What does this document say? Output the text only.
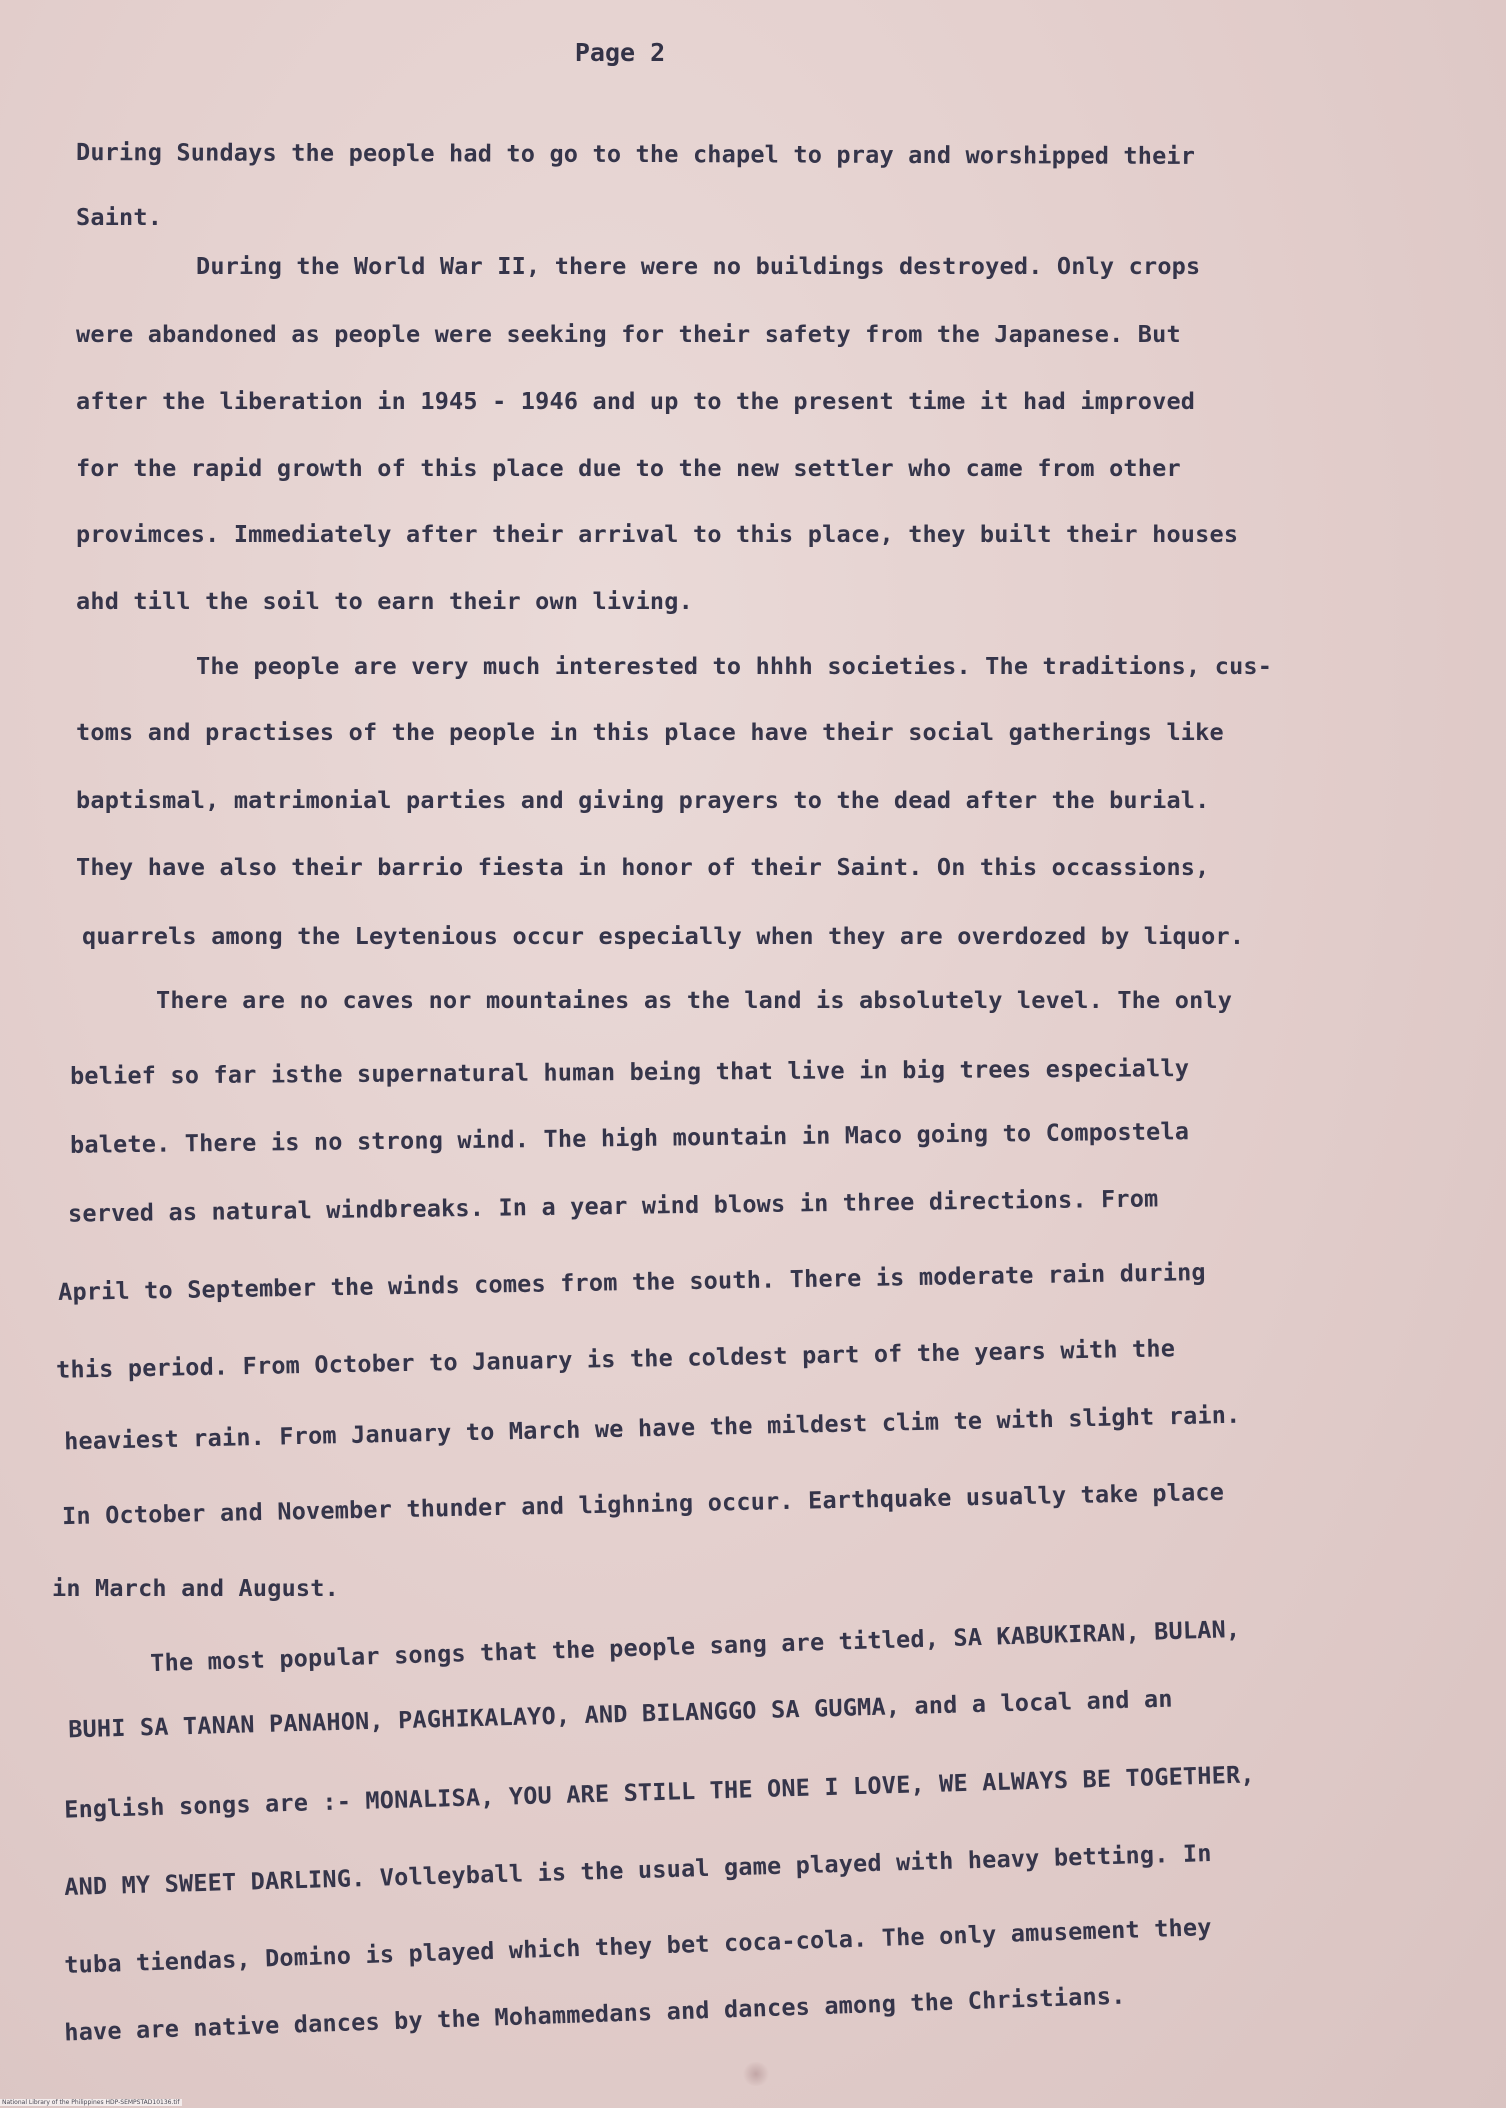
Page 2
During Sundays the people had to go to the chapel to pray and worshipped their
Saint.
During the World War II, there were no buildings destroyed. Only crops
were abandoned as people were seeking for their safety from the Japanese. But
after the liberation in 1945 - 1946 and up to the present time it had improved
for the rapid growth of this place due to the new settler who came from other
provimces. Immediately after their arrival to this place, they built their houses
ahd till the soil to earn their own living.
The people are very much interested to hhhh societies. The traditions, cus-
toms and practises of the people in this place have their social gatherings like
baptismal, matrimonial parties and giving prayers to the dead after the burial.
They have also their barrio fiesta in honor of their Saint. On this occassions,
quarrels among the Leytenious occur especially when they are overdozed by liquor.
There are no caves nor mountaines as the land is absolutely level. The only
belief so far isthe supernatural human being that live in big trees especially
balete. There is no strong wind. The high mountain in Maco going to Compostela
served as natural windbreaks. In a year wind blows in three directions. From
April to September the winds comes from the south. There is moderate rain during
this period. From October to January is the coldest part of the years with the
heaviest rain. From January to March we have the mildest clim te with slight rain.
In October and November thunder and lighning occur. Earthquake usually take place
in March and August.
The most popular songs that the people sang are titled, SA KABUKIRAN, BULAN,
BUHI SA TANAN PANAHON, PAGHIKALAYO, AND BILANGGO SA GUGMA, and a local and an
English songs are :- MONALISA, YOU ARE STILL THE ONE I LOVE, WE ALWAYS BE TOGETHER,
AND MY SWEET DARLING. Volleyball is the usual game played with heavy betting. In
tuba tiendas, Domino is played which they bet coca-cola. The only amusement they
have are native dances by the Mohammedans and dances among the Christians.
National Library of the Philippines HDP-SEMPSTAD10136.tif
